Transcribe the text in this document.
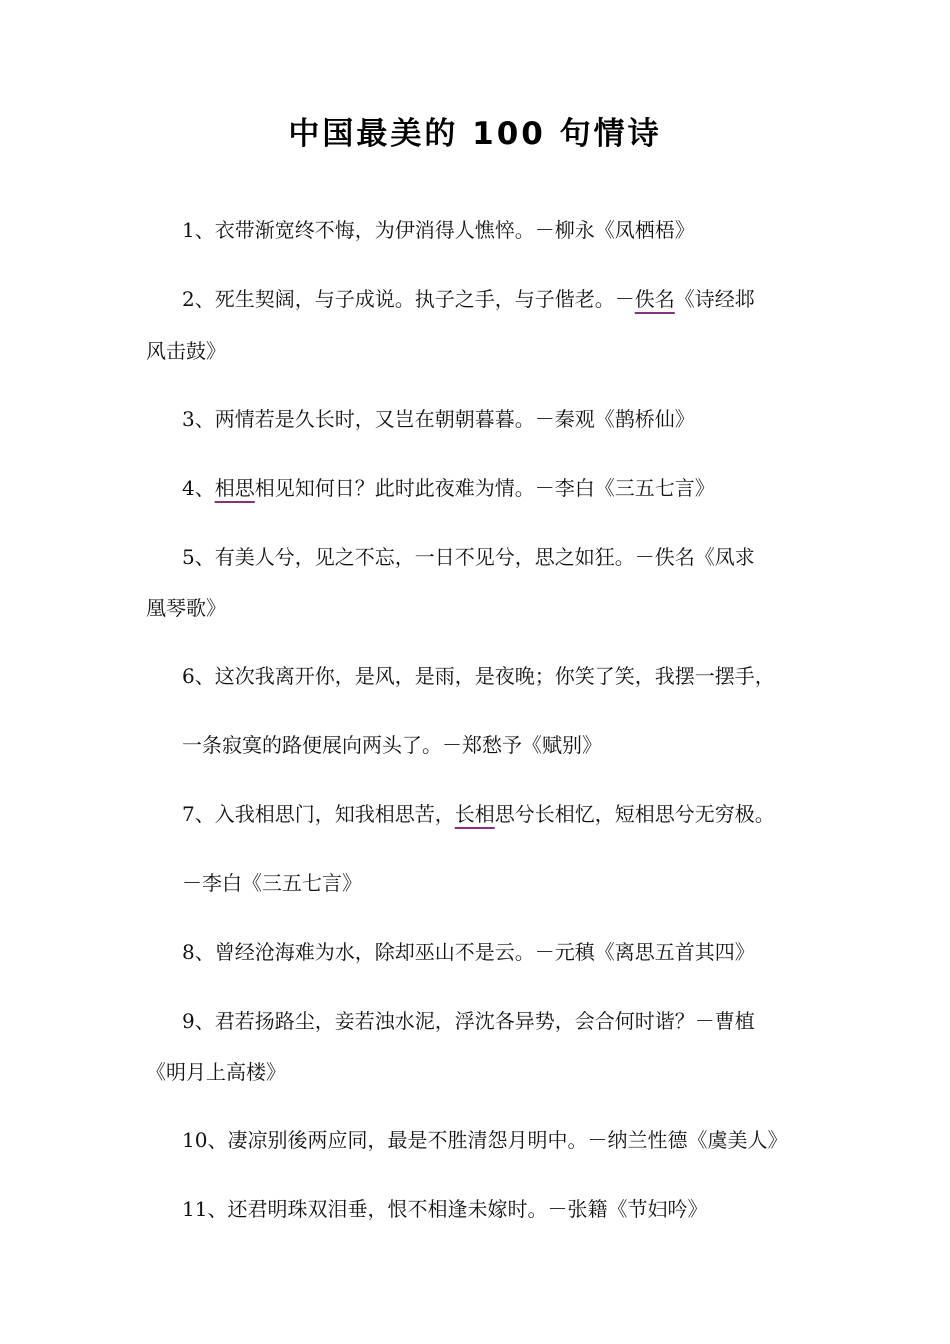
中国最美的 100 句情诗
1、衣带渐宽终不悔，为伊消得人憔悴。－柳永《凤栖梧》
2、死生契阔，与子成说。执子之手，与子偕老。－佚名《诗经邶
风击鼓》
3、两情若是久长时，又岂在朝朝暮暮。－秦观《鹊桥仙》
4、相思相见知何日？此时此夜难为情。－李白《三五七言》
5、有美人兮，见之不忘，一日不见兮，思之如狂。－佚名《凤求
凰琴歌》
6、这次我离开你，是风，是雨，是夜晚；你笑了笑，我摆一摆手，
一条寂寞的路便展向两头了。－郑愁予《赋别》
7、入我相思门，知我相思苦，长相思兮长相忆，短相思兮无穷极。
－李白《三五七言》
8、曾经沧海难为水，除却巫山不是云。－元稹《离思五首其四》
9、君若扬路尘，妾若浊水泥，浮沈各异势，会合何时谐？－曹植
《明月上高楼》
10、凄凉别後两应同，最是不胜清怨月明中。－纳兰性德《虞美人》
11、还君明珠双泪垂，恨不相逢未嫁时。－张籍《节妇吟》
